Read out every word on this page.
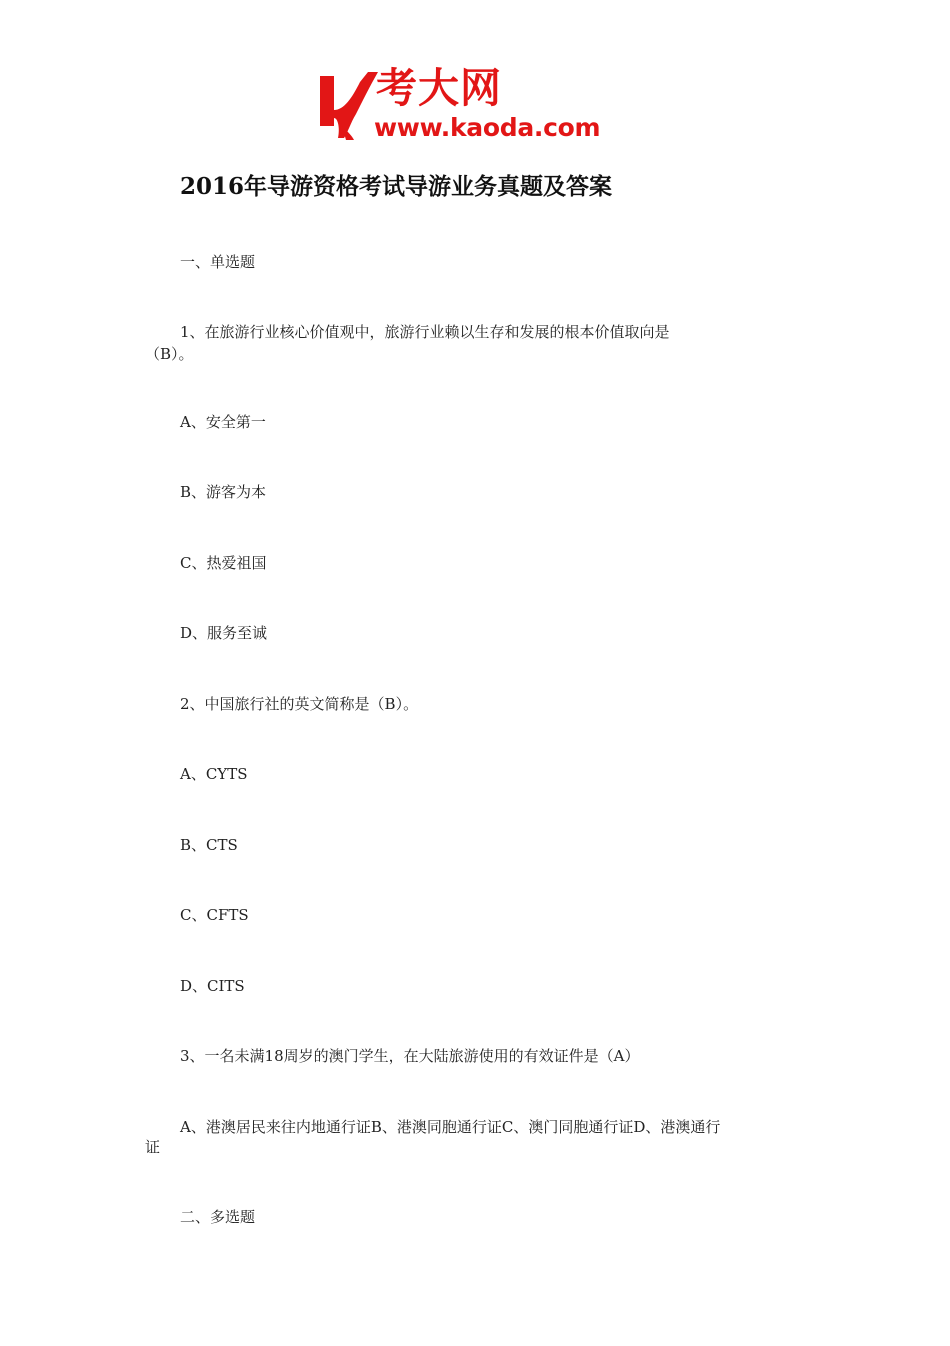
考大网
www.kaoda.com
2016年导游资格考试导游业务真题及答案
一、单选题
1、在旅游行业核心价值观中，旅游行业赖以生存和发展的根本价值取向是
（B）。
A、安全第一
B、游客为本
C、热爱祖国
D、服务至诚
2、中国旅行社的英文简称是（B）。
A、CYTS
B、CTS
C、CFTS
D、CITS
3、一名未满18周岁的澳门学生，在大陆旅游使用的有效证件是（A）
A、港澳居民来往内地通行证B、港澳同胞通行证C、澳门同胞通行证D、港澳通行
证
二、多选题
